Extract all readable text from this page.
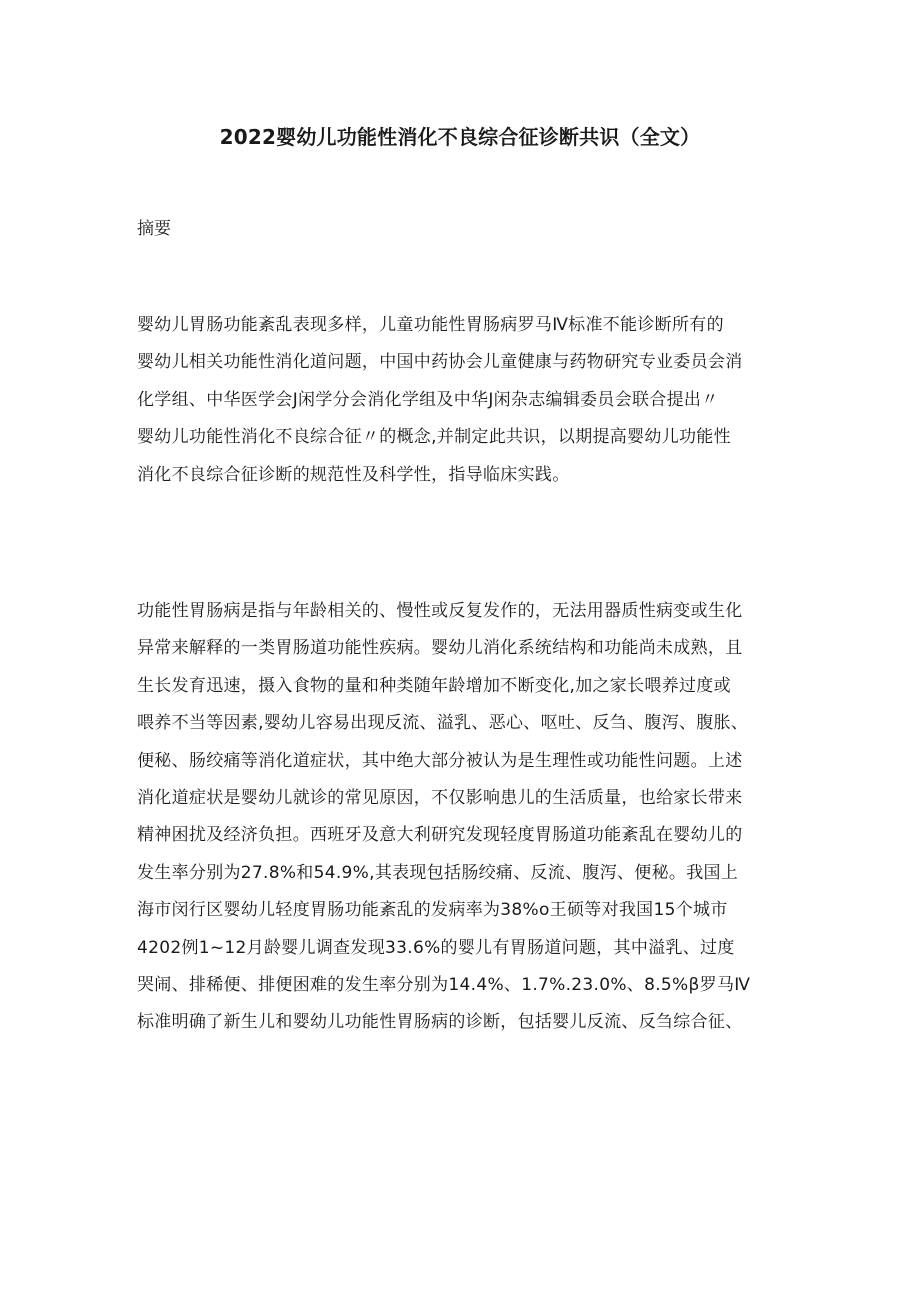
2022婴幼儿功能性消化不良综合征诊断共识（全文）
摘要
婴幼儿胃肠功能紊乱表现多样，儿童功能性胃肠病罗马Ⅳ标准不能诊断所有的
婴幼儿相关功能性消化道问题，中国中药协会儿童健康与药物研究专业委员会消
化学组、中华医学会J闲学分会消化学组及中华J闲杂志编辑委员会联合提出〃
婴幼儿功能性消化不良综合征〃的概念,并制定此共识，以期提高婴幼儿功能性
消化不良综合征诊断的规范性及科学性，指导临床实践。
功能性胃肠病是指与年龄相关的、慢性或反复发作的，无法用器质性病变或生化
异常来解释的一类胃肠道功能性疾病。婴幼儿消化系统结构和功能尚未成熟，且
生长发育迅速，摄入食物的量和种类随年龄增加不断变化,加之家长喂养过度或
喂养不当等因素,婴幼儿容易出现反流、溢乳、恶心、呕吐、反刍、腹泻、腹胀、
便秘、肠绞痛等消化道症状，其中绝大部分被认为是生理性或功能性问题。上述
消化道症状是婴幼儿就诊的常见原因，不仅影响患儿的生活质量，也给家长带来
精神困扰及经济负担。西班牙及意大利研究发现轻度胃肠道功能紊乱在婴幼儿的
发生率分别为27.8%和54.9%,其表现包括肠绞痛、反流、腹泻、便秘。我国上
海市闵行区婴幼儿轻度胃肠功能紊乱的发病率为38%o王硕等对我国15个城市
4202例1~12月龄婴儿调查发现33.6%的婴儿有胃肠道问题，其中溢乳、过度
哭闹、排稀便、排便困难的发生率分别为14.4%、1.7%.23.0%、8.5%β罗马Ⅳ
标准明确了新生儿和婴幼儿功能性胃肠病的诊断，包括婴儿反流、反刍综合征、
